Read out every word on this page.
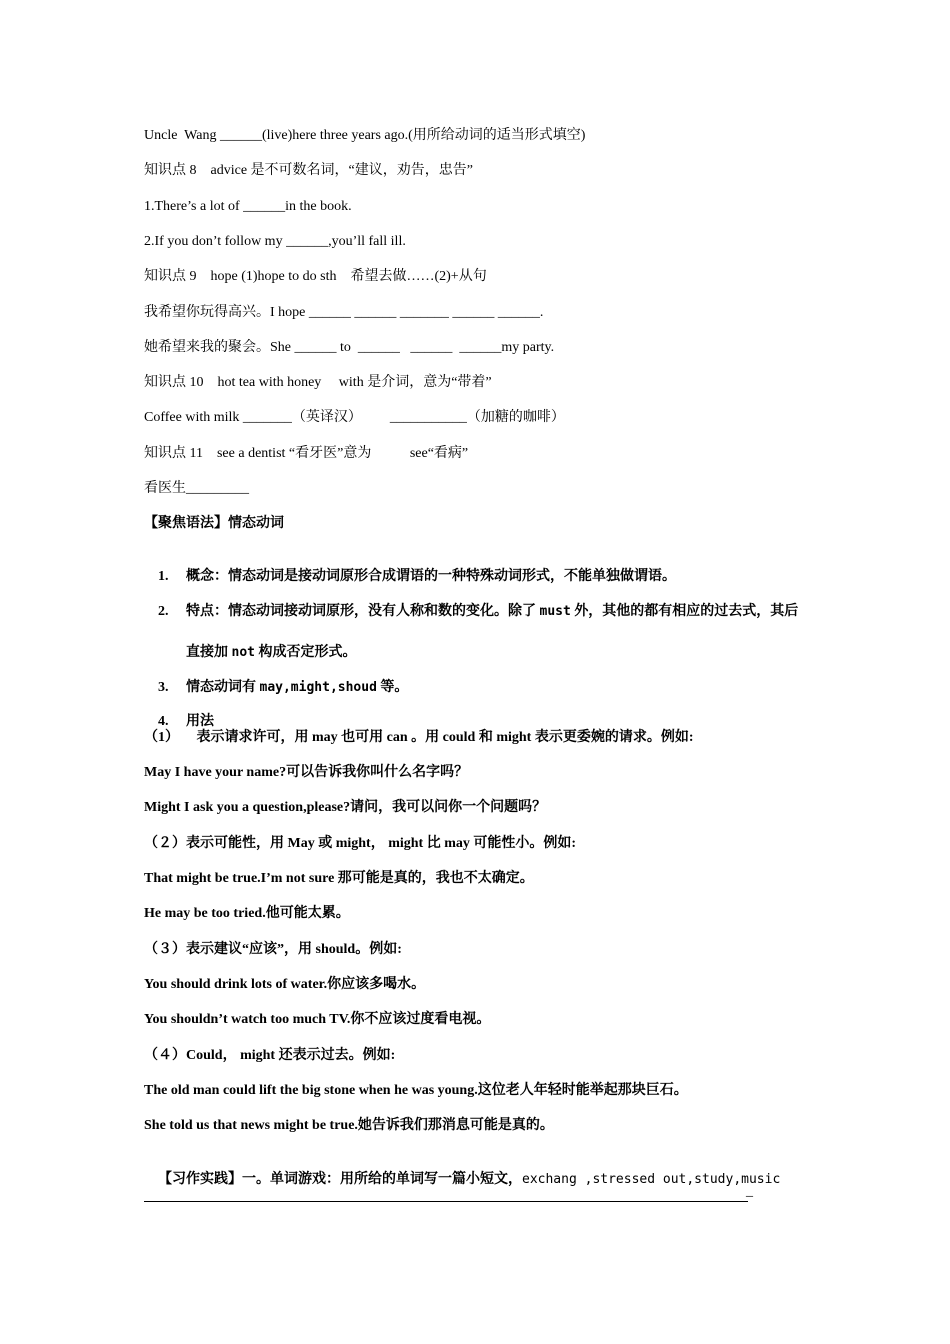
Uncle  Wang ______(live)here three years ago.(用所给动词的适当形式填空)
知识点 8    advice 是不可数名词，“建议，劝告，忠告”
1.There’s a lot of ______in the book.
2.If you don’t follow my ______,you’ll fall ill.
知识点 9    hope (1)hope to do sth    希望去做……(2)+从句
我希望你玩得高兴。I hope ______ ______ _______ ______ ______.
她希望来我的聚会。She ______ to  ______   ______  ______my party.
知识点 10    hot tea with honey     with 是介词，意为“带着”
Coffee with milk _______（英译汉）        ___________（加糖的咖啡）
知识点 11    see a dentist “看牙医”意为           see“看病”
看医生_________
【聚焦语法】情态动词

1. 概念：情态动词是接动词原形合成谓语的一种特殊动词形式，不能单独做谓语。

2. 特点：情态动词接动词原形，没有人称和数的变化。除了 must 外，其他的都有相应的过去式，其后

直接加 not 构成否定形式。

3. 情态动词有 may,might,shoud 等。

4. 用法

（1）     表示请求许可，用 may 也可用 can 。用 could 和 might 表示更委婉的请求。例如:
May I have your name?可以告诉我你叫什么名字吗？
Might I ask you a question,please?请问，我可以问你一个问题吗？
（２）表示可能性，用 May 或 might， might 比 may 可能性小。例如:
That might be true.I’m not sure 那可能是真的，我也不太确定。
He may be too tried.他可能太累。
（３）表示建议“应该”，用 should。例如:
You should drink lots of water.你应该多喝水。
You shouldn’t watch too much TV.你不应该过度看电视。
（４）Could， might 还表示过去。例如:
The old man could lift the big stone when he was young.这位老人年轻时能举起那块巨石。
She told us that news might be true.她告诉我们那消息可能是真的。

【习作实践】一。单词游戏：用所给的单词写一篇小短文，exchang ,stressed out,study,music

_
